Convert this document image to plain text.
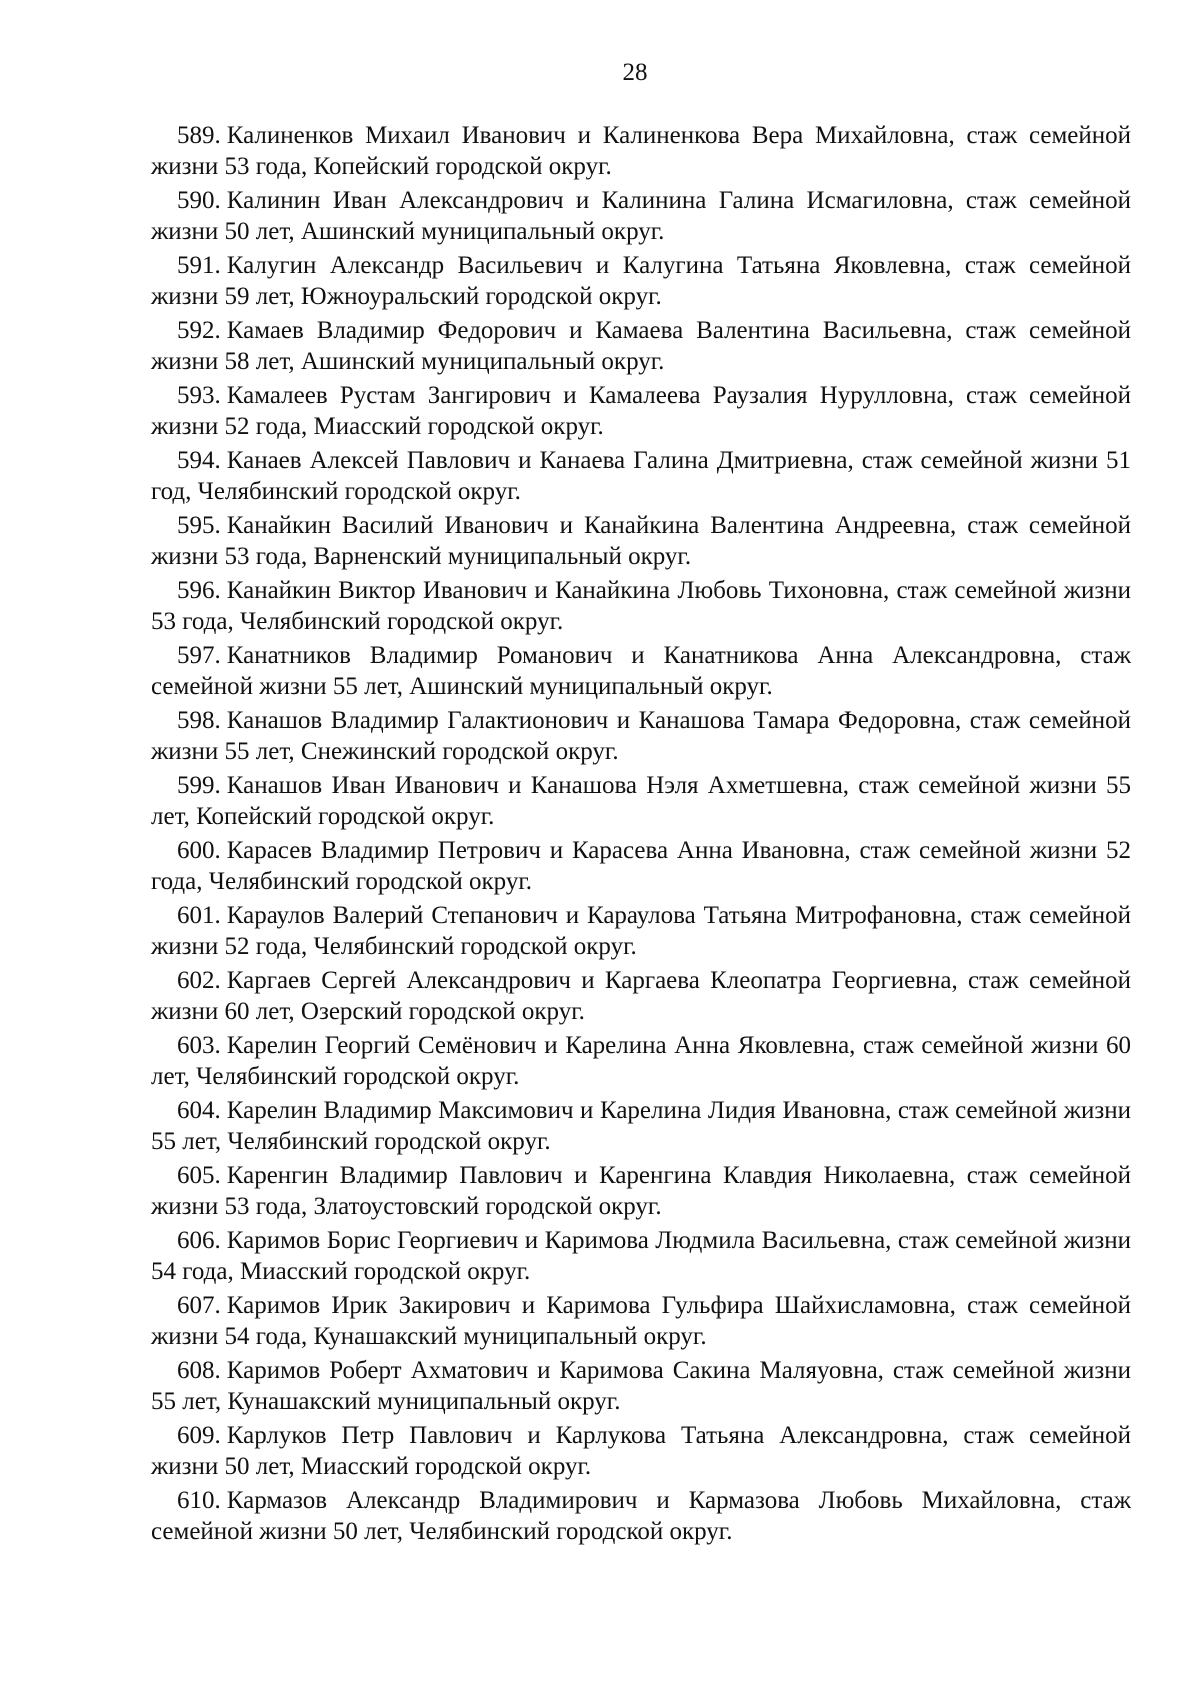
28
589. Калиненков Михаил Иванович и Калиненкова Вера Михайловна, стаж семейной жизни 53 года, Копейский городской округ.
590. Калинин Иван Александрович и Калинина Галина Исмагиловна, стаж семейной жизни 50 лет, Ашинский муниципальный округ.
591. Калугин Александр Васильевич и Калугина Татьяна Яковлевна, стаж семейной жизни 59 лет, Южноуральский городской округ.
592. Камаев Владимир Федорович и Камаева Валентина Васильевна, стаж семейной жизни 58 лет, Ашинский муниципальный округ.
593. Камалеев Рустам Зангирович и Камалеева Раузалия Нурулловна, стаж семейной жизни 52 года, Миасский городской округ.
594. Канаев Алексей Павлович и Канаева Галина Дмитриевна, стаж семейной жизни 51 год, Челябинский городской округ.
595. Канайкин Василий Иванович и Канайкина Валентина Андреевна, стаж семейной жизни 53 года, Варненский муниципальный округ.
596. Канайкин Виктор Иванович и Канайкина Любовь Тихоновна, стаж семейной жизни 53 года, Челябинский городской округ.
597. Канатников Владимир Романович и Канатникова Анна Александровна, стаж семейной жизни 55 лет, Ашинский муниципальный округ.
598. Канашов Владимир Галактионович и Канашова Тамара Федоровна, стаж семейной жизни 55 лет, Снежинский городской округ.
599. Канашов Иван Иванович и Канашова Нэля Ахметшевна, стаж семейной жизни 55 лет, Копейский городской округ.
600. Карасев Владимир Петрович и Карасева Анна Ивановна, стаж семейной жизни 52 года, Челябинский городской округ.
601. Караулов Валерий Степанович и Караулова Татьяна Митрофановна, стаж семейной жизни 52 года, Челябинский городской округ.
602. Каргаев Сергей Александрович и Каргаева Клеопатра Георгиевна, стаж семейной жизни 60 лет, Озерский городской округ.
603. Карелин Георгий Семёнович и Карелина Анна Яковлевна, стаж семейной жизни 60 лет, Челябинский городской округ.
604. Карелин Владимир Максимович и Карелина Лидия Ивановна, стаж семейной жизни 55 лет, Челябинский городской округ.
605. Каренгин Владимир Павлович и Каренгина Клавдия Николаевна, стаж семейной жизни 53 года, Златоустовский городской округ.
606. Каримов Борис Георгиевич и Каримова Людмила Васильевна, стаж семейной жизни 54 года, Миасский городской округ.
607. Каримов Ирик Закирович и Каримова Гульфира Шайхисламовна, стаж семейной жизни 54 года, Кунашакский муниципальный округ.
608. Каримов Роберт Ахматович и Каримова Сакина Маляуовна, стаж семейной жизни 55 лет, Кунашакский муниципальный округ.
609. Карлуков Петр Павлович и Карлукова Татьяна Александровна, стаж семейной жизни 50 лет, Миасский городской округ.
610. Кармазов Александр Владимирович и Кармазова Любовь Михайловна, стаж семейной жизни 50 лет, Челябинский городской округ.
